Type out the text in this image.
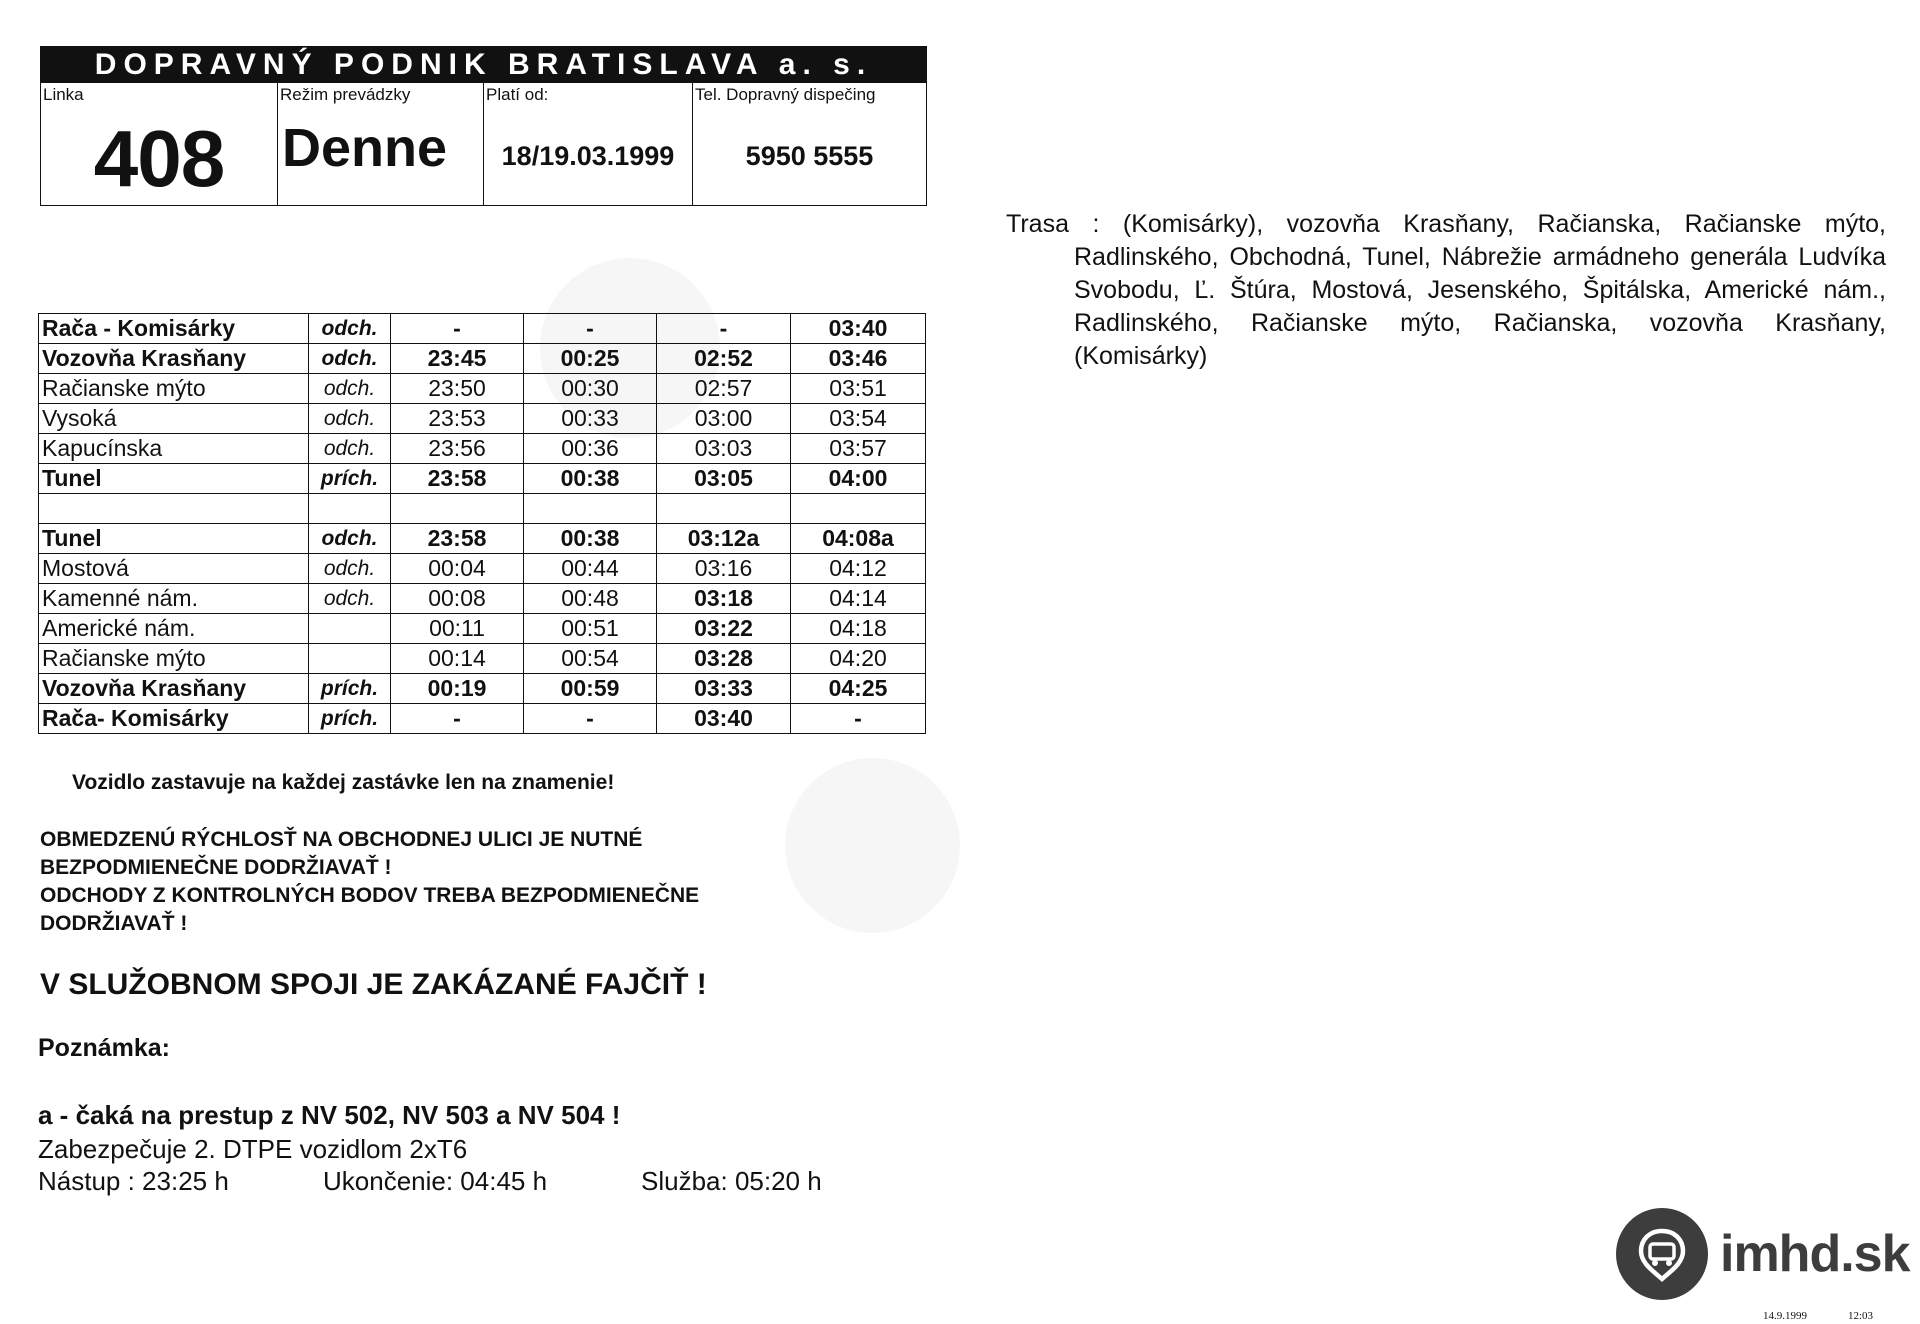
DOPRAVNÝ PODNIK BRATISLAVA a. s.
Linka
408
Režim prevádzky
Denne
Platí od:
18/19.03.1999
Tel. Dopravný dispečing
5950 5555
Trasa : (Komisárky), vozovňa Krasňany, Račianska, Račianske mýto, Radlinského, Obchodná, Tunel, Nábrežie armádneho generála Ludvíka Svobodu, Ľ. Štúra, Mostová, Jesenského, Špitálska, Americké nám., Radlinského, Račianske mýto, Račianska, vozovňa Krasňany, (Komisárky)
Rača - Komisárky	odch.	-	-	-	03:40
Vozovňa Krasňany	odch.	23:45	00:25	02:52	03:46
Račianske mýto	odch.	23:50	00:30	02:57	03:51
Vysoká	odch.	23:53	00:33	03:00	03:54
Kapucínska	odch.	23:56	00:36	03:03	03:57
Tunel	prích.	23:58	00:38	03:05	04:00

Tunel	odch.	23:58	00:38	03:12a	04:08a
Mostová	odch.	00:04	00:44	03:16	04:12
Kamenné nám.	odch.	00:08	00:48	03:18	04:14
Americké nám.		00:11	00:51	03:22	04:18
Račianske mýto		00:14	00:54	03:28	04:20
Vozovňa Krasňany	prích.	00:19	00:59	03:33	04:25
Rača- Komisárky	prích.	-	-	03:40	-
Vozidlo zastavuje na každej zastávke len na znamenie!
OBMEDZENÚ RÝCHLOSŤ NA OBCHODNEJ ULICI JE NUTNÉ
BEZPODMIENEČNE DODRŽIAVAŤ !
ODCHODY Z KONTROLNÝCH BODOV TREBA BEZPODMIENEČNE
DODRŽIAVAŤ !
V SLUŽOBNOM SPOJI JE ZAKÁZANÉ FAJČIŤ !
Poznámka:
a - čaká na prestup z NV 502, NV 503 a NV 504 !
Zabezpečuje 2. DTPE vozidlom 2xT6
Nástup : 23:25 h	Ukončenie: 04:45 h	Služba: 05:20 h
imhd.sk
14.9.1999	12:03
